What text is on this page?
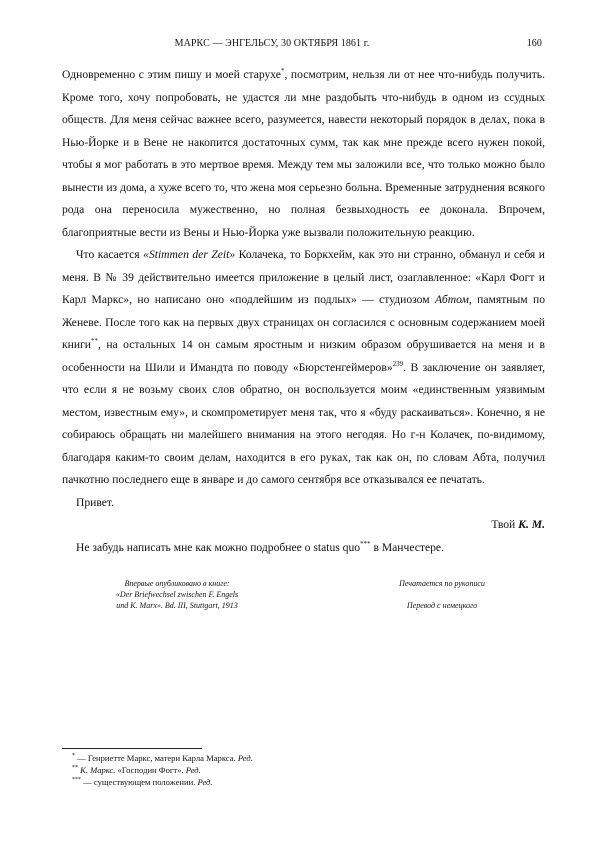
МАРКС — ЭНГЕЛЬСУ, 30 ОКТЯБРЯ 1861 г.	160

Одновременно с этим пишу и моей старухе*, посмотрим, нельзя ли от нее что-нибудь получить. Кроме того, хочу попробовать, не удастся ли мне раздобыть что-нибудь в одном из ссудных обществ. Для меня сейчас важнее всего, разумеется, навести некоторый порядок в делах, пока в Нью-Йорке и в Вене не накопится достаточных сумм, так как мне прежде всего нужен покой, чтобы я мог работать в это мертвое время. Между тем мы заложили все, что только можно было вынести из дома, а хуже всего то, что жена моя серьезно больна. Временные затруднения всякого рода она переносила мужественно, но полная безвыходность ее доконала. Впрочем, благоприятные вести из Вены и Нью-Йорка уже вызвали положительную реакцию.

Что касается «Stimmen der Zeit» Колачека, то Боркхейм, как это ни странно, обманул и себя и меня. В № 39 действительно имеется приложение в целый лист, озаглавленное: «Карл Фогт и Карл Маркс», но написано оно «подлейшим из подлых» — студиозом Абтом, памятным по Женеве. После того как на первых двух страницах он согласился с основным содержанием моей книги**, на остальных 14 он самым яростным и низким образом обрушивается на меня и в особенности на Шили и Имандта по поводу «Бюрстенгеймеров»$^{239}$. В заключение он заявляет, что если я не возьму своих слов обратно, он воспользуется моим «единственным уязвимым местом, известным ему», и скомпрометирует меня так, что я «буду раскаиваться». Конечно, я не собираюсь обращать ни малейшего внимания на этого негодяя. Но г-н Колачек, по-видимому, благодаря каким-то своим делам, находится в его руках, так как он, по словам Абта, получил пачкотню последнего еще в январе и до самого сентября все отказывался ее печатать.

Привет.

Твой К. М.

Не забудь написать мне как можно подробнее о status quo*** в Манчестере.

Впервые опубликовано в книге:
«Der Briefwechsel zwischen F. Engels
und K. Marx». Bd. III, Stuttgart, 1913
Печатается по рукописи
Перевод с немецкого
* — Генриетте Маркс, матери Карла Маркса. Ред.
** К. Маркс. «Господин Фогт». Ред.
*** — существующем положении. Ред.
